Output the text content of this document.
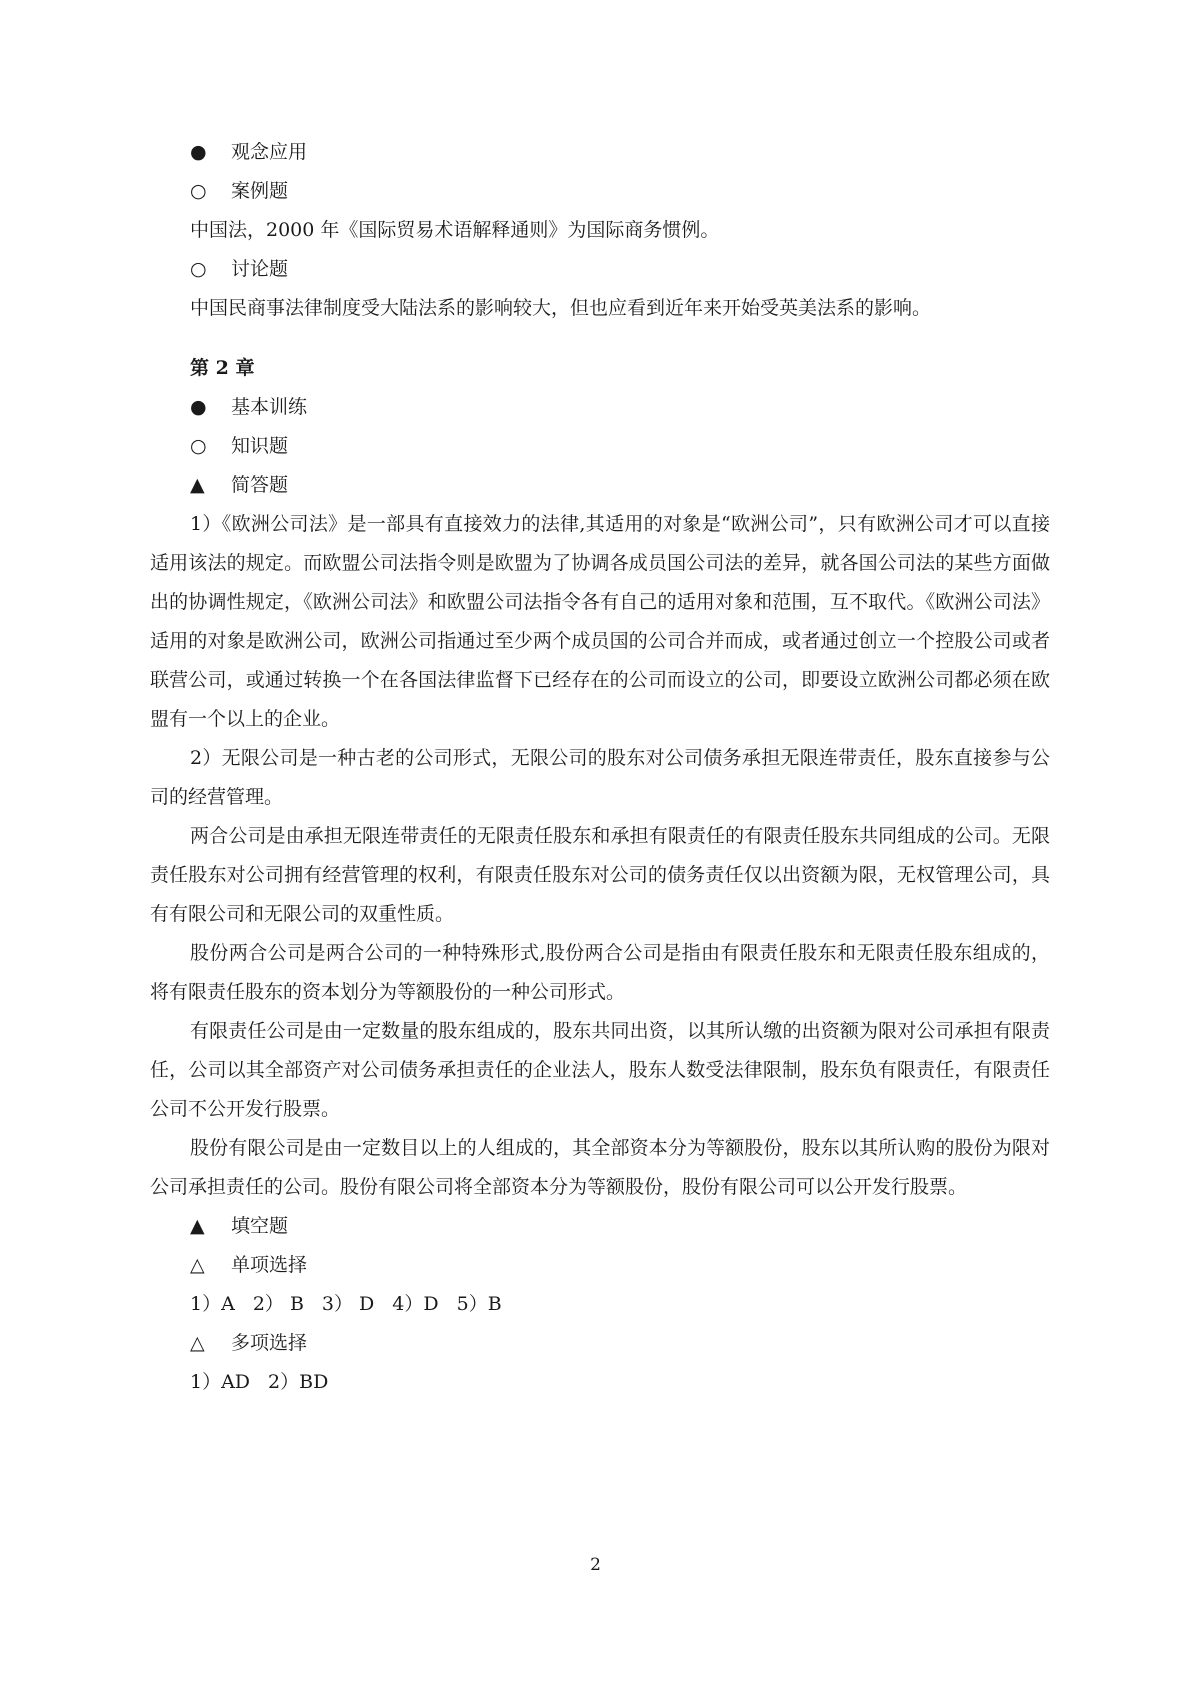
● 观念应用
○ 案例题
中国法，2000 年《国际贸易术语解释通则》为国际商务惯例。
○ 讨论题
中国民商事法律制度受大陆法系的影响较大，但也应看到近年来开始受英美法系的影响。
第 2 章
● 基本训练
○ 知识题
▲ 简答题

1）《欧洲公司法》是一部具有直接效力的法律,其适用的对象是“欧洲公司”，只有欧洲公司才可以直接适用该法的规定。而欧盟公司法指令则是欧盟为了协调各成员国公司法的差异，就各国公司法的某些方面做出的协调性规定，《欧洲公司法》和欧盟公司法指令各有自己的适用对象和范围，互不取代。《欧洲公司法》适用的对象是欧洲公司，欧洲公司指通过至少两个成员国的公司合并而成，或者通过创立一个控股公司或者联营公司，或通过转换一个在各国法律监督下已经存在的公司而设立的公司，即要设立欧洲公司都必须在欧盟有一个以上的企业。

2）无限公司是一种古老的公司形式，无限公司的股东对公司债务承担无限连带责任，股东直接参与公司的经营管理。

两合公司是由承担无限连带责任的无限责任股东和承担有限责任的有限责任股东共同组成的公司。无限责任股东对公司拥有经营管理的权利，有限责任股东对公司的债务责任仅以出资额为限，无权管理公司，具有有限公司和无限公司的双重性质。

股份两合公司是两合公司的一种特殊形式,股份两合公司是指由有限责任股东和无限责任股东组成的，将有限责任股东的资本划分为等额股份的一种公司形式。

有限责任公司是由一定数量的股东组成的，股东共同出资，以其所认缴的出资额为限对公司承担有限责任，公司以其全部资产对公司债务承担责任的企业法人，股东人数受法律限制，股东负有限责任，有限责任公司不公开发行股票。

股份有限公司是由一定数目以上的人组成的，其全部资本分为等额股份，股东以其所认购的股份为限对公司承担责任的公司。股份有限公司将全部资本分为等额股份，股份有限公司可以公开发行股票。

▲ 填空题
△ 单项选择
1）A 2） B 3） D 4）D 5）B
△ 多项选择
1）AD 2）BD
2
